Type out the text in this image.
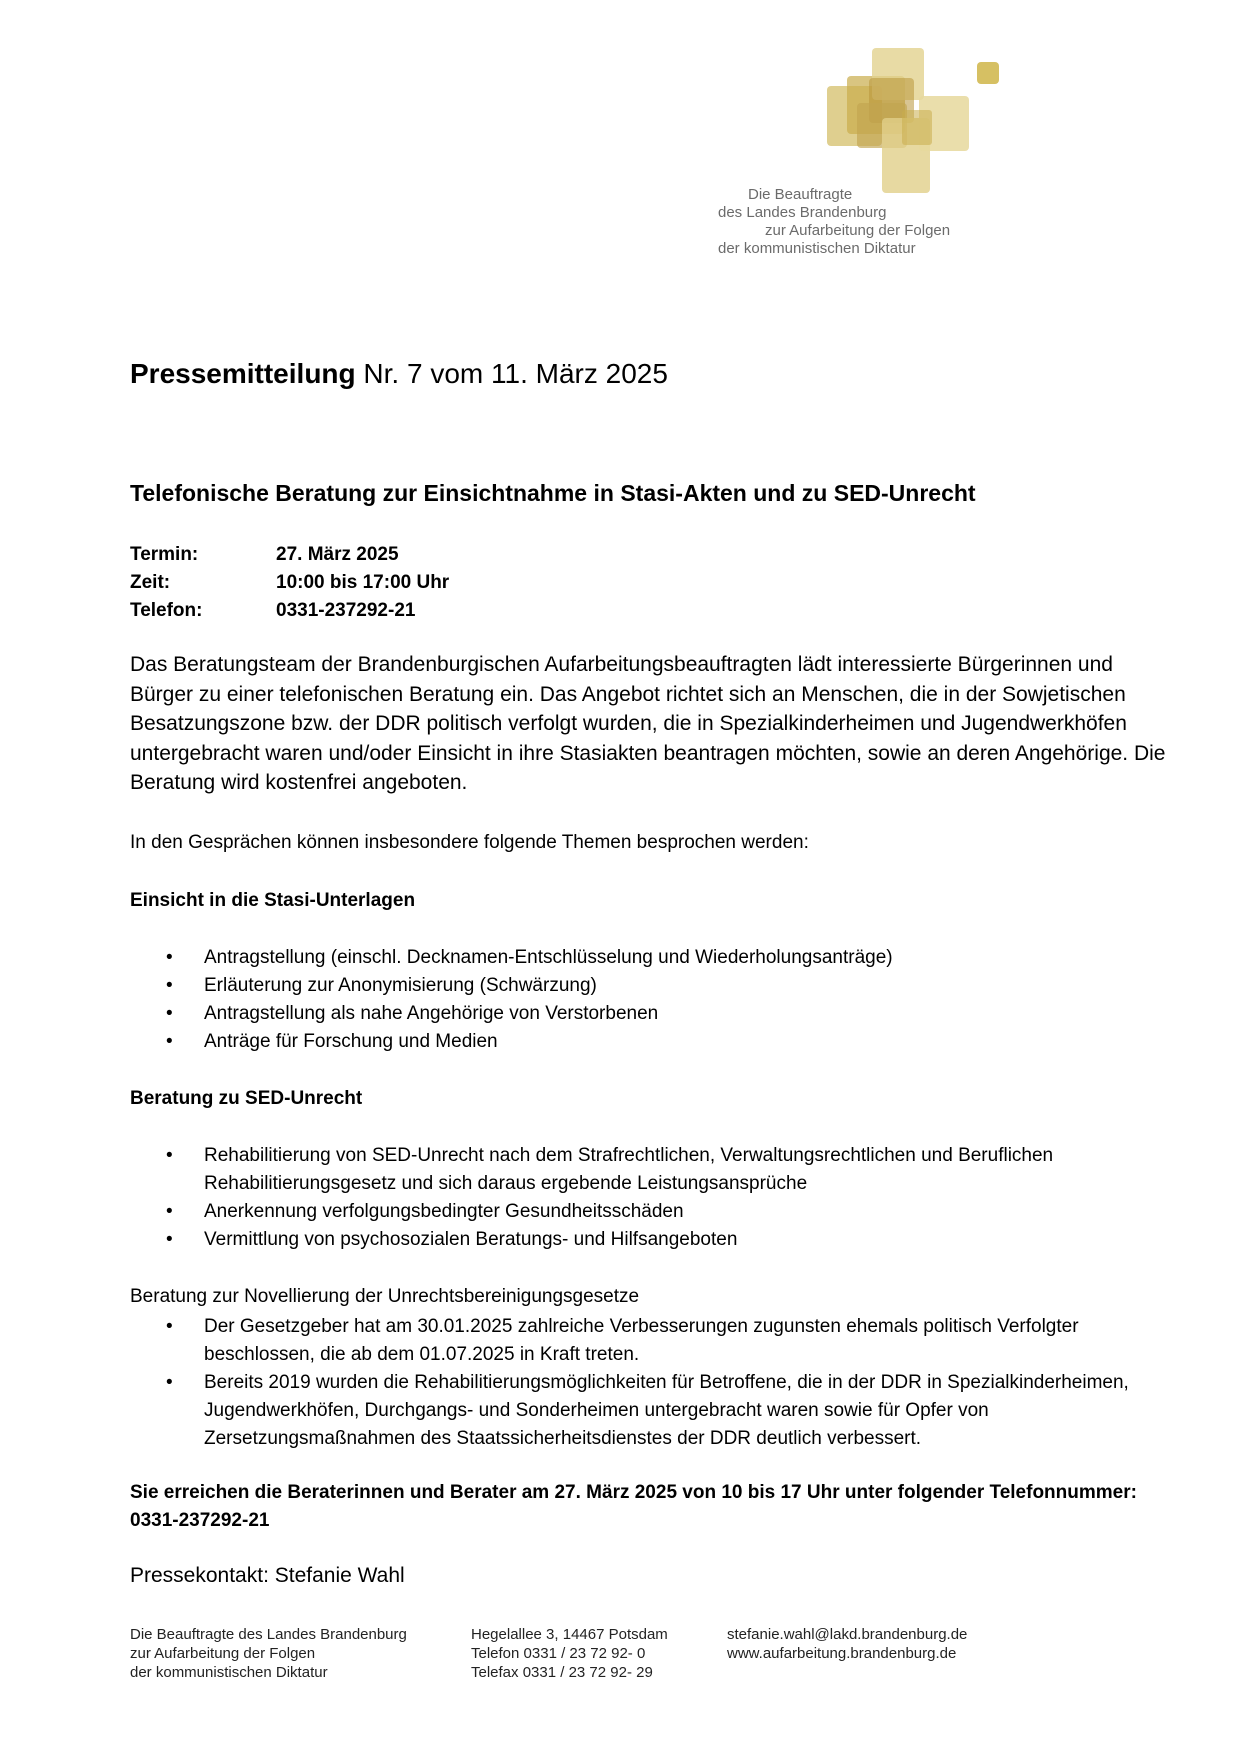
Die Beauftragte
des Landes Brandenburg
zur Aufarbeitung der Folgen
der kommunistischen Diktatur
Pressemitteilung Nr. 7 vom 11. März 2025
Telefonische Beratung zur Einsichtnahme in Stasi-Akten und zu SED-Unrecht
Termin:	27. März 2025
Zeit:	10:00 bis 17:00 Uhr
Telefon:	0331-237292-21

Das Beratungsteam der Brandenburgischen Aufarbeitungsbeauftragten lädt interessierte Bürgerinnen und Bürger zu einer telefonischen Beratung ein. Das Angebot richtet sich an Menschen, die in der Sowjetischen Besatzungszone bzw. der DDR politisch verfolgt wurden, die in Spezialkinderheimen und Jugendwerkhöfen untergebracht waren und/oder Einsicht in ihre Stasiakten beantragen möchten, sowie an deren Angehörige. Die Beratung wird kostenfrei angeboten.

In den Gesprächen können insbesondere folgende Themen besprochen werden:
Einsicht in die Stasi-Unterlagen
• Antragstellung (einschl. Decknamen-Entschlüsselung und Wiederholungsanträge)
• Erläuterung zur Anonymisierung (Schwärzung)
• Antragstellung als nahe Angehörige von Verstorbenen
• Anträge für Forschung und Medien
Beratung zu SED-Unrecht
• Rehabilitierung von SED-Unrecht nach dem Strafrechtlichen, Verwaltungsrechtlichen und Beruflichen Rehabilitierungsgesetz und sich daraus ergebende Leistungsansprüche
• Anerkennung verfolgungsbedingter Gesundheitsschäden
• Vermittlung von psychosozialen Beratungs- und Hilfsangeboten
Beratung zur Novellierung der Unrechtsbereinigungsgesetze
• Der Gesetzgeber hat am 30.01.2025 zahlreiche Verbesserungen zugunsten ehemals politisch Verfolgter beschlossen, die ab dem 01.07.2025 in Kraft treten.
• Bereits 2019 wurden die Rehabilitierungsmöglichkeiten für Betroffene, die in der DDR in Spezialkinderheimen, Jugendwerkhöfen, Durchgangs- und Sonderheimen untergebracht waren sowie für Opfer von Zersetzungsmaßnahmen des Staatssicherheitsdienstes der DDR deutlich verbessert.
Sie erreichen die Beraterinnen und Berater am 27. März 2025 von 10 bis 17 Uhr unter folgender Telefonnummer: 0331-237292-21
Pressekontakt: Stefanie Wahl
Die Beauftragte des Landes Brandenburg
zur Aufarbeitung der Folgen
der kommunistischen Diktatur
Hegelallee 3, 14467 Potsdam
Telefon 0331 / 23 72 92- 0
Telefax 0331 / 23 72 92- 29
stefanie.wahl@lakd.brandenburg.de
www.aufarbeitung.brandenburg.de
